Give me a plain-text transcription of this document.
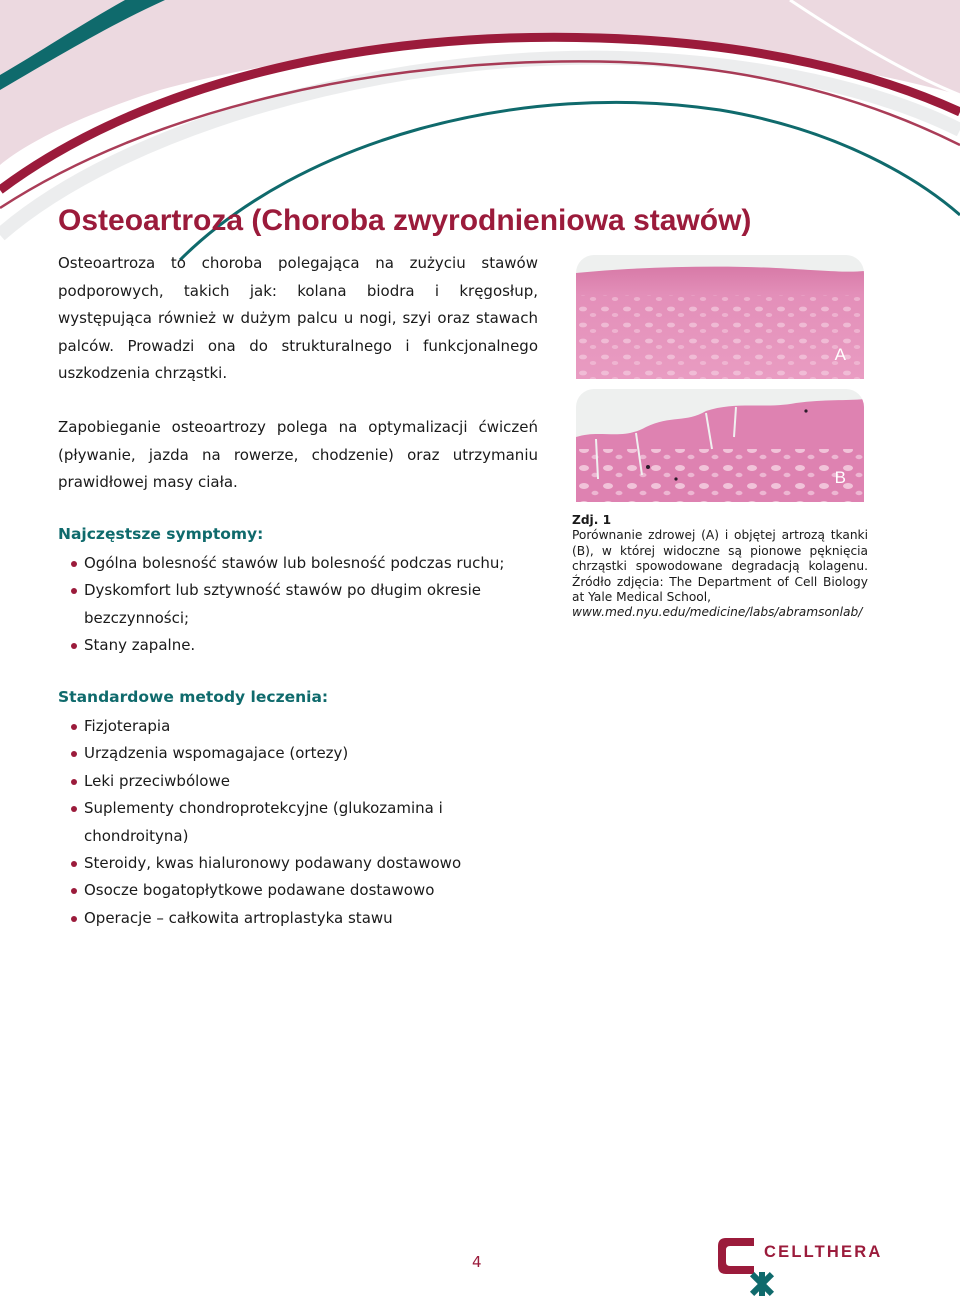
Osteoartroza (Choroba zwyrodnieniowa stawów)

Osteoartroza to choroba polegająca na zużyciu stawów podporowych, takich jak: kolana biodra i kręgosłup, występująca również w dużym palcu u nogi, szyi oraz stawach palców. Prowadzi ona do strukturalnego i funkcjonalnego uszkodzenia chrząstki.

Zapobieganie osteoartrozy polega na optymalizacji ćwiczeń (pływanie, jazda na rowerze, chodzenie) oraz utrzymaniu prawidłowej masy ciała.

Najczęstsze symptomy:
Ogólna bolesność stawów lub bolesność podczas ruchu;
Dyskomfort lub sztywność stawów po długim okresie bezczynności;
Stany zapalne.
Standardowe metody leczenia:
Fizjoterapia
Urządzenia wspomagajace (ortezy)
Leki przeciwbólowe
Suplementy chondroprotekcyjne (glukozamina i chondroityna)
Steroidy, kwas hialuronowy podawany dostawowo
Osocze bogatopłytkowe podawane dostawowo
Operacje – całkowita artroplastyka stawu
A
B
Zdj. 1
Porównanie zdrowej (A) i objętej artrozą tkanki (B), w której widoczne są pionowe pęknięcia chrząstki spowodowane degradacją kolagenu. Źródło zdjęcia: The Department of Cell Biology at Yale Medical School,
www.med.nyu.edu/medicine/labs/abramsonlab/
4
CELLTHERA
